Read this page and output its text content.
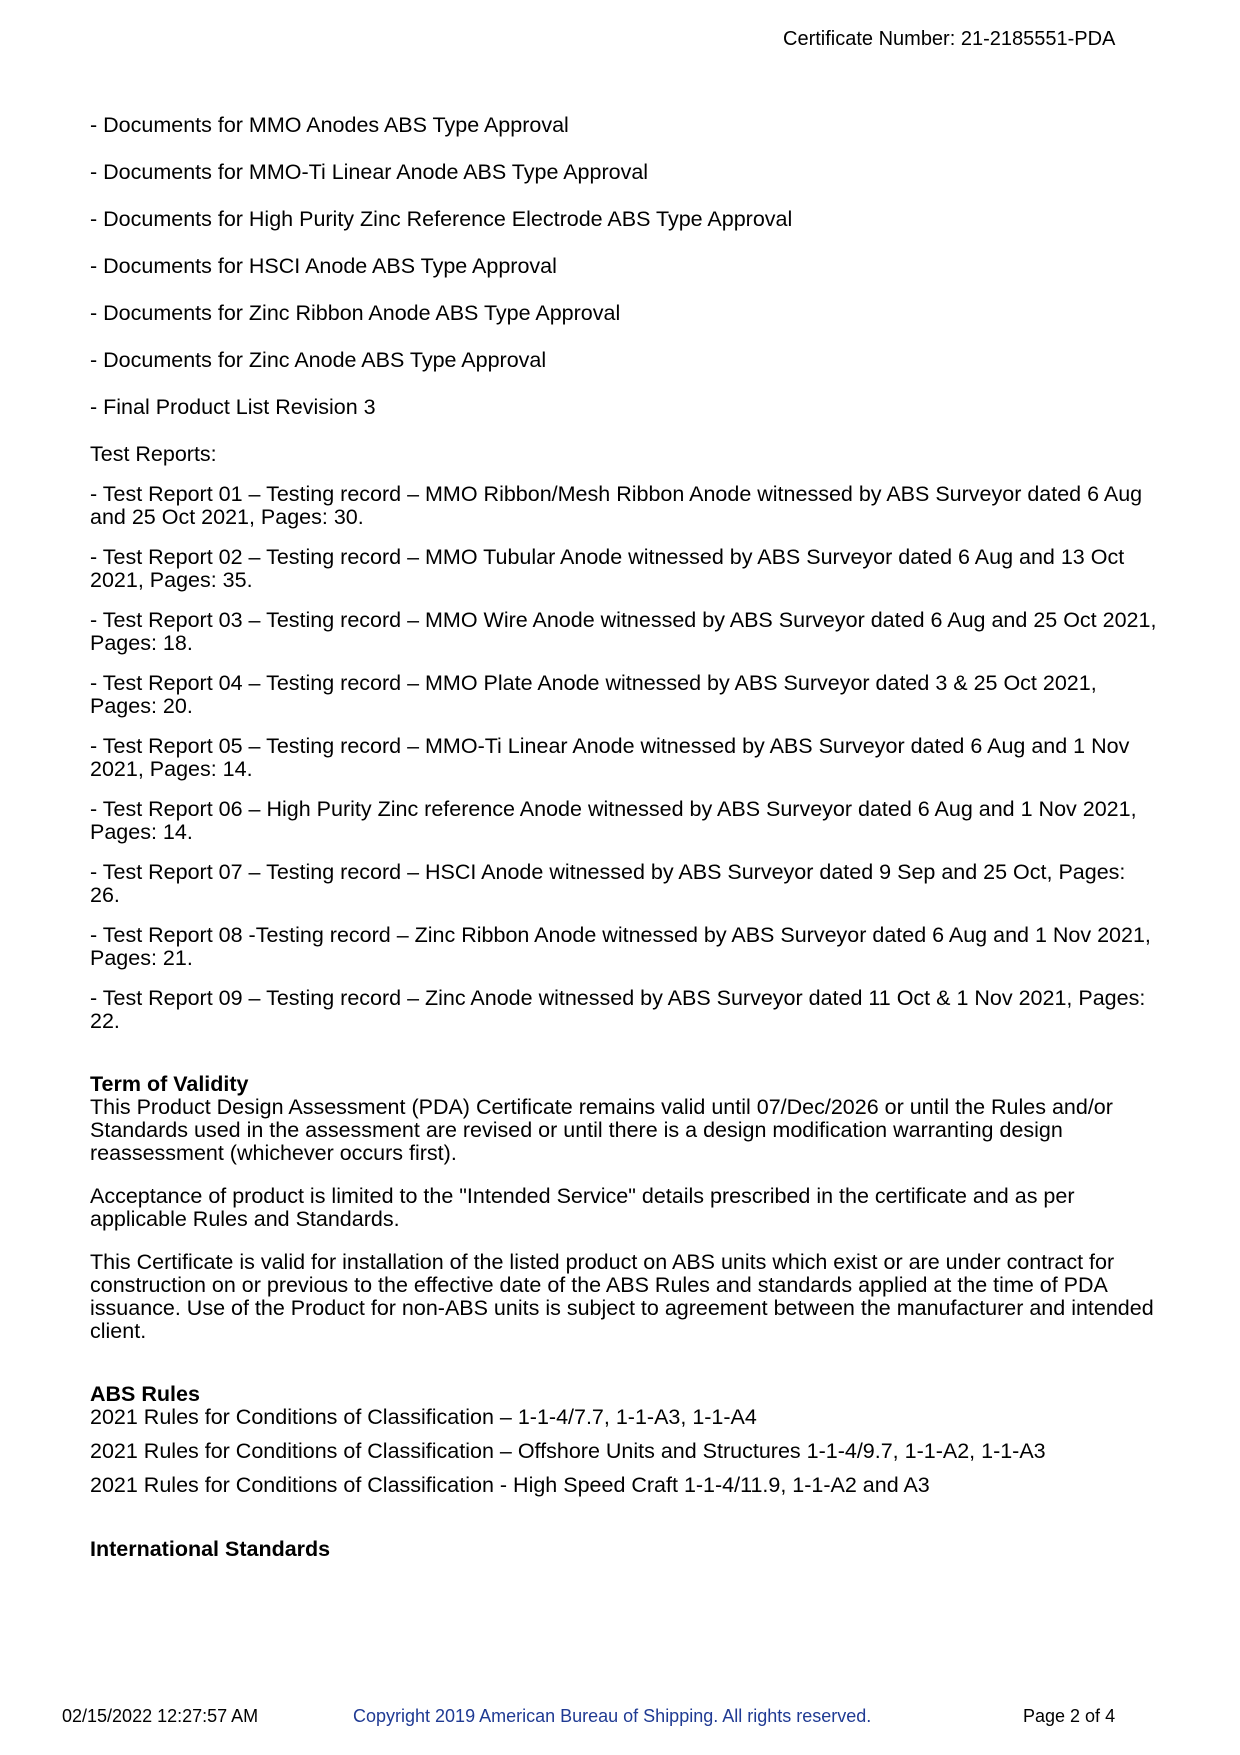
Certificate Number: 21-2185551-PDA
- Documents for MMO Anodes ABS Type Approval
- Documents for MMO-Ti Linear Anode ABS Type Approval
- Documents for High Purity Zinc Reference Electrode ABS Type Approval
- Documents for HSCI Anode ABS Type Approval
- Documents for Zinc Ribbon Anode ABS Type Approval
- Documents for Zinc Anode ABS Type Approval
- Final Product List Revision 3
Test Reports:
- Test Report 01 – Testing record – MMO Ribbon/Mesh Ribbon Anode witnessed by ABS Surveyor dated 6 Aug and 25 Oct 2021, Pages: 30.
- Test Report 02 – Testing record – MMO Tubular Anode witnessed by ABS Surveyor dated 6 Aug and 13 Oct 2021, Pages: 35.
- Test Report 03 – Testing record – MMO Wire Anode witnessed by ABS Surveyor dated 6 Aug and 25 Oct 2021, Pages: 18.
- Test Report 04 – Testing record – MMO Plate Anode witnessed by ABS Surveyor dated 3 & 25 Oct 2021, Pages: 20.
- Test Report 05 – Testing record – MMO-Ti Linear Anode witnessed by ABS Surveyor dated 6 Aug and 1 Nov 2021, Pages: 14.
- Test Report 06 – High Purity Zinc reference Anode witnessed by ABS Surveyor dated 6 Aug and 1 Nov 2021, Pages: 14.
- Test Report 07 – Testing record – HSCI Anode witnessed by ABS Surveyor dated 9 Sep and 25 Oct, Pages: 26.
- Test Report 08 -Testing record – Zinc Ribbon Anode witnessed by ABS Surveyor dated 6 Aug and 1 Nov 2021, Pages: 21.
- Test Report 09 – Testing record – Zinc Anode witnessed by ABS Surveyor dated 11 Oct & 1 Nov 2021, Pages: 22.
Term of Validity
This Product Design Assessment (PDA) Certificate remains valid until 07/Dec/2026 or until the Rules and/or Standards used in the assessment are revised or until there is a design modification warranting design reassessment (whichever occurs first).
Acceptance of product is limited to the "Intended Service" details prescribed in the certificate and as per applicable Rules and Standards.
This Certificate is valid for installation of the listed product on ABS units which exist or are under contract for construction on or previous to the effective date of the ABS Rules and standards applied at the time of PDA issuance. Use of the Product for non-ABS units is subject to agreement between the manufacturer and intended client.
ABS Rules
2021 Rules for Conditions of Classification – 1-1-4/7.7, 1-1-A3, 1-1-A4
2021 Rules for Conditions of Classification – Offshore Units and Structures 1-1-4/9.7, 1-1-A2, 1-1-A3
2021 Rules for Conditions of Classification - High Speed Craft 1-1-4/11.9, 1-1-A2 and A3
International Standards
02/15/2022 12:27:57 AM	Copyright 2019 American Bureau of Shipping. All rights reserved.	Page 2 of 4
